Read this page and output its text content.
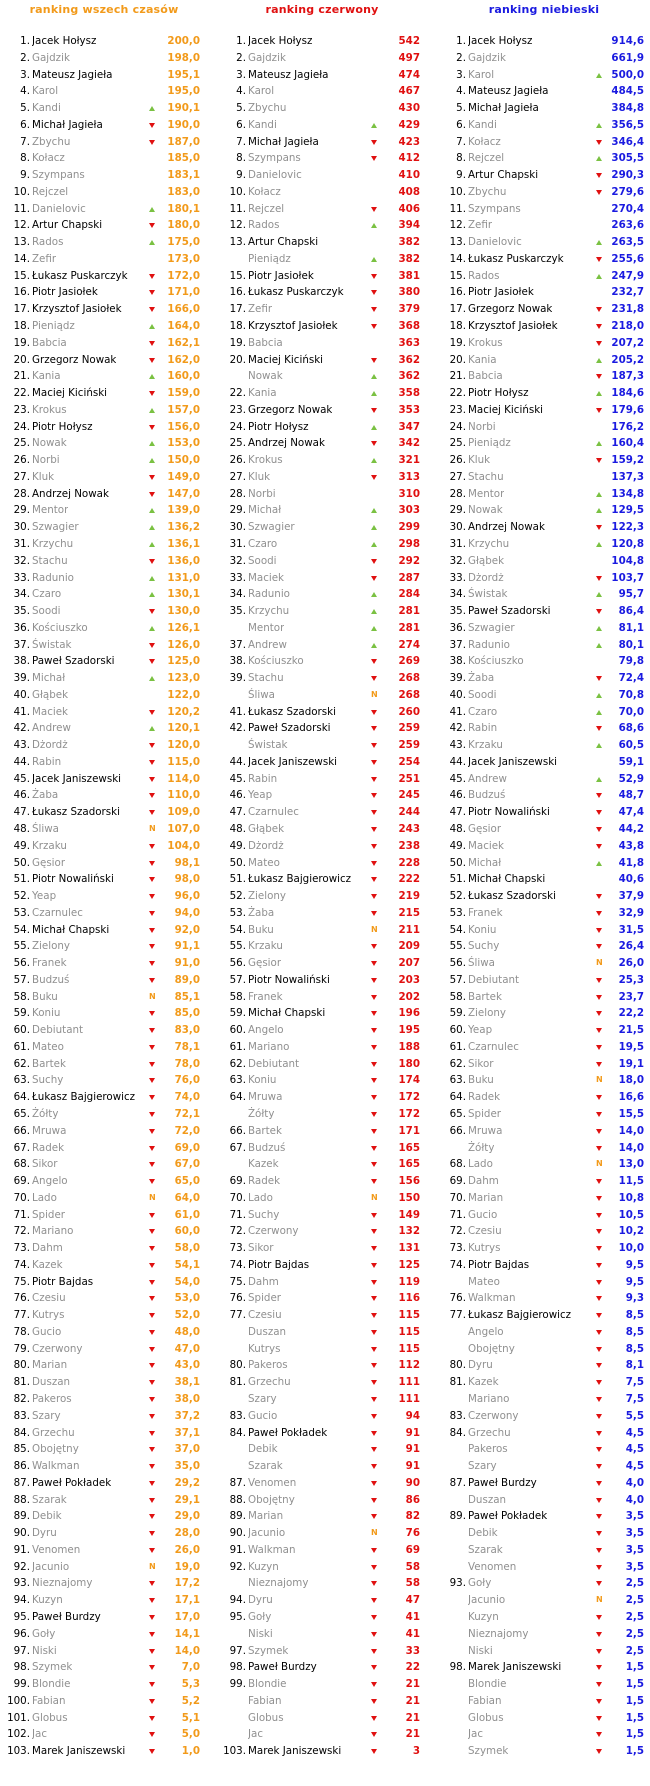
ranking wszech czasów
1. Jacek Hołysz	200,0
2. Gajdzik	198,0
3. Mateusz Jagieła	195,1
4. Karol	195,0
5. Kandi	190,1
6. Michał Jagieła	190,0
7. Zbychu	187,0
8. Kołacz	185,0
9. Szympans	183,1
10. Rejczel	183,0
11. Danielovic	180,1
12. Artur Chapski	180,0
13. Rados	175,0
14. Zefir	173,0
15. Łukasz Puskarczyk	172,0
16. Piotr Jasiołek	171,0
17. Krzysztof Jasiołek	166,0
18. Pieniądz	164,0
19. Babcia	162,1
20. Grzegorz Nowak	162,0
21. Kania	160,0
22. Maciej Kiciński	159,0
23. Krokus	157,0
24. Piotr Hołysz	156,0
25. Nowak	153,0
26. Norbi	150,0
27. Kluk	149,0
28. Andrzej Nowak	147,0
29. Mentor	139,0
30. Szwagier	136,2
31. Krzychu	136,1
32. Stachu	136,0
33. Radunio	131,0
34. Czaro	130,1
35. Soodi	130,0
36. Kościuszko	126,1
37. Świstak	126,0
38. Paweł Szadorski	125,0
39. Michał	123,0
40. Głąbek	122,0
41. Maciek	120,2
42. Andrew	120,1
43. Dżordż	120,0
44. Rabin	115,0
45. Jacek Janiszewski	114,0
46. Żaba	110,0
47. Łukasz Szadorski	109,0
48. Śliwa	N 107,0
49. Krzaku	104,0
50. Gęsior	98,1
51. Piotr Nowaliński	98,0
52. Yeap	96,0
53. Czarnulec	94,0
54. Michał Chapski	92,0
55. Zielony	91,1
56. Franek	91,0
57. Budzuś	89,0
58. Buku	N 85,1
59. Koniu	85,0
60. Debiutant	83,0
61. Mateo	78,1
62. Bartek	78,0
63. Suchy	76,0
64. Łukasz Bajgierowicz	74,0
65. Żółty	72,1
66. Mruwa	72,0
67. Radek	69,0
68. Sikor	67,0
69. Angelo	65,0
70. Lado	N 64,0
71. Spider	61,0
72. Mariano	60,0
73. Dahm	58,0
74. Kazek	54,1
75. Piotr Bajdas	54,0
76. Czesiu	53,0
77. Kutrys	52,0
78. Gucio	48,0
79. Czerwony	47,0
80. Marian	43,0
81. Duszan	38,1
82. Pakeros	38,0
83. Szary	37,2
84. Grzechu	37,1
85. Obojętny	37,0
86. Walkman	35,0
87. Paweł Pokładek	29,2
88. Szarak	29,1
89. Debik	29,0
90. Dyru	28,0
91. Venomen	26,0
92. Jacunio	N 19,0
93. Nieznajomy	17,2
94. Kuzyn	17,1
95. Paweł Burdzy	17,0
96. Goły	14,1
97. Niski	14,0
98. Szymek	7,0
99. Blondie	5,3
100. Fabian	5,2
101. Globus	5,1
102. Jac	5,0
103. Marek Janiszewski	1,0
ranking czerwony
1. Jacek Hołysz	542
2. Gajdzik	497
3. Mateusz Jagieła	474
4. Karol	467
5. Zbychu	430
6. Kandi	429
7. Michał Jagieła	423
8. Szympans	412
9. Danielovic	410
10. Kołacz	408
11. Rejczel	406
12. Rados	394
13. Artur Chapski	382
Pieniądz	382
15. Piotr Jasiołek	381
16. Łukasz Puskarczyk	380
17. Zefir	379
18. Krzysztof Jasiołek	368
19. Babcia	363
20. Maciej Kiciński	362
Nowak	362
22. Kania	358
23. Grzegorz Nowak	353
24. Piotr Hołysz	347
25. Andrzej Nowak	342
26. Krokus	321
27. Kluk	313
28. Norbi	310
29. Michał	303
30. Szwagier	299
31. Czaro	298
32. Soodi	292
33. Maciek	287
34. Radunio	284
35. Krzychu	281
Mentor	281
37. Andrew	274
38. Kościuszko	269
39. Stachu	268
Śliwa	N 268
41. Łukasz Szadorski	260
42. Paweł Szadorski	259
Świstak	259
44. Jacek Janiszewski	254
45. Rabin	251
46. Yeap	245
47. Czarnulec	244
48. Głąbek	243
49. Dżordż	238
50. Mateo	228
51. Łukasz Bajgierowicz	222
52. Zielony	219
53. Żaba	215
54. Buku	N 211
55. Krzaku	209
56. Gęsior	207
57. Piotr Nowaliński	203
58. Franek	202
59. Michał Chapski	196
60. Angelo	195
61. Mariano	188
62. Debiutant	180
63. Koniu	174
64. Mruwa	172
Żółty	172
66. Bartek	171
67. Budzuś	165
Kazek	165
69. Radek	156
70. Lado	N 150
71. Suchy	149
72. Czerwony	132
73. Sikor	131
74. Piotr Bajdas	125
75. Dahm	119
76. Spider	116
77. Czesiu	115
Duszan	115
Kutrys	115
80. Pakeros	112
81. Grzechu	111
Szary	111
83. Gucio	94
84. Paweł Pokładek	91
Debik	91
Szarak	91
87. Venomen	90
88. Obojętny	86
89. Marian	82
90. Jacunio	N	76
91. Walkman	69
92. Kuzyn	58
Nieznajomy	58
94. Dyru	47
95. Goły	41
Niski	41
97. Szymek	33
98. Paweł Burdzy	22
99. Blondie	21
Fabian	21
Globus	21
Jac	21
103. Marek Janiszewski	3
ranking niebieski
1. Jacek Hołysz	914,6
2. Gajdzik	661,9
3. Karol	500,0
4. Mateusz Jagieła	484,5
5. Michał Jagieła	384,8
6. Kandi	356,5
7. Kołacz	346,4
8. Rejczel	305,5
9. Artur Chapski	290,3
10. Zbychu	279,6
11. Szympans	270,4
12. Zefir	263,6
13. Danielovic	263,5
14. Łukasz Puskarczyk	255,6
15. Rados	247,9
16. Piotr Jasiołek	232,7
17. Grzegorz Nowak	231,8
18. Krzysztof Jasiołek	218,0
19. Krokus	207,2
20. Kania	205,2
21. Babcia	187,3
22. Piotr Hołysz	184,6
23. Maciej Kiciński	179,6
24. Norbi	176,2
25. Pieniądz	160,4
26. Kluk	159,2
27. Stachu	137,3
28. Mentor	134,8
29. Nowak	129,5
30. Andrzej Nowak	122,3
31. Krzychu	120,8
32. Głąbek	104,8
33. Dżordż	103,7
34. Świstak	95,7
35. Paweł Szadorski	86,4
36. Szwagier	81,1
37. Radunio	80,1
38. Kościuszko	79,8
39. Żaba	72,4
40. Soodi	70,8
41. Czaro	70,0
42. Rabin	68,6
43. Krzaku	60,5
44. Jacek Janiszewski	59,1
45. Andrew	52,9
46. Budzuś	48,7
47. Piotr Nowaliński	47,4
48. Gęsior	44,2
49. Maciek	43,8
50. Michał	41,8
51. Michał Chapski	40,6
52. Łukasz Szadorski	37,9
53. Franek	32,9
54. Koniu	31,5
55. Suchy	26,4
56. Śliwa	N 26,0
57. Debiutant	25,3
58. Bartek	23,7
59. Zielony	22,2
60. Yeap	21,5
61. Czarnulec	19,5
62. Sikor	19,1
63. Buku	N 18,0
64. Radek	16,6
65. Spider	15,5
66. Mruwa	14,0
Żółty	14,0
68. Lado	N 13,0
69. Dahm	11,5
70. Marian	10,8
71. Gucio	10,5
72. Czesiu	10,2
73. Kutrys	10,0
74. Piotr Bajdas	9,5
Mateo	9,5
76. Walkman	9,3
77. Łukasz Bajgierowicz	8,5
Angelo	8,5
Obojętny	8,5
80. Dyru	8,1
81. Kazek	7,5
Mariano	7,5
83. Czerwony	5,5
84. Grzechu	4,5
Pakeros	4,5
Szary	4,5
87. Paweł Burdzy	4,0
Duszan	4,0
89. Paweł Pokładek	3,5
Debik	3,5
Szarak	3,5
Venomen	3,5
93. Goły	2,5
Jacunio	N 2,5
Kuzyn	2,5
Nieznajomy	2,5
Niski	2,5
98. Marek Janiszewski	1,5
Blondie	1,5
Fabian	1,5
Globus	1,5
Jac	1,5
Szymek	1,5
